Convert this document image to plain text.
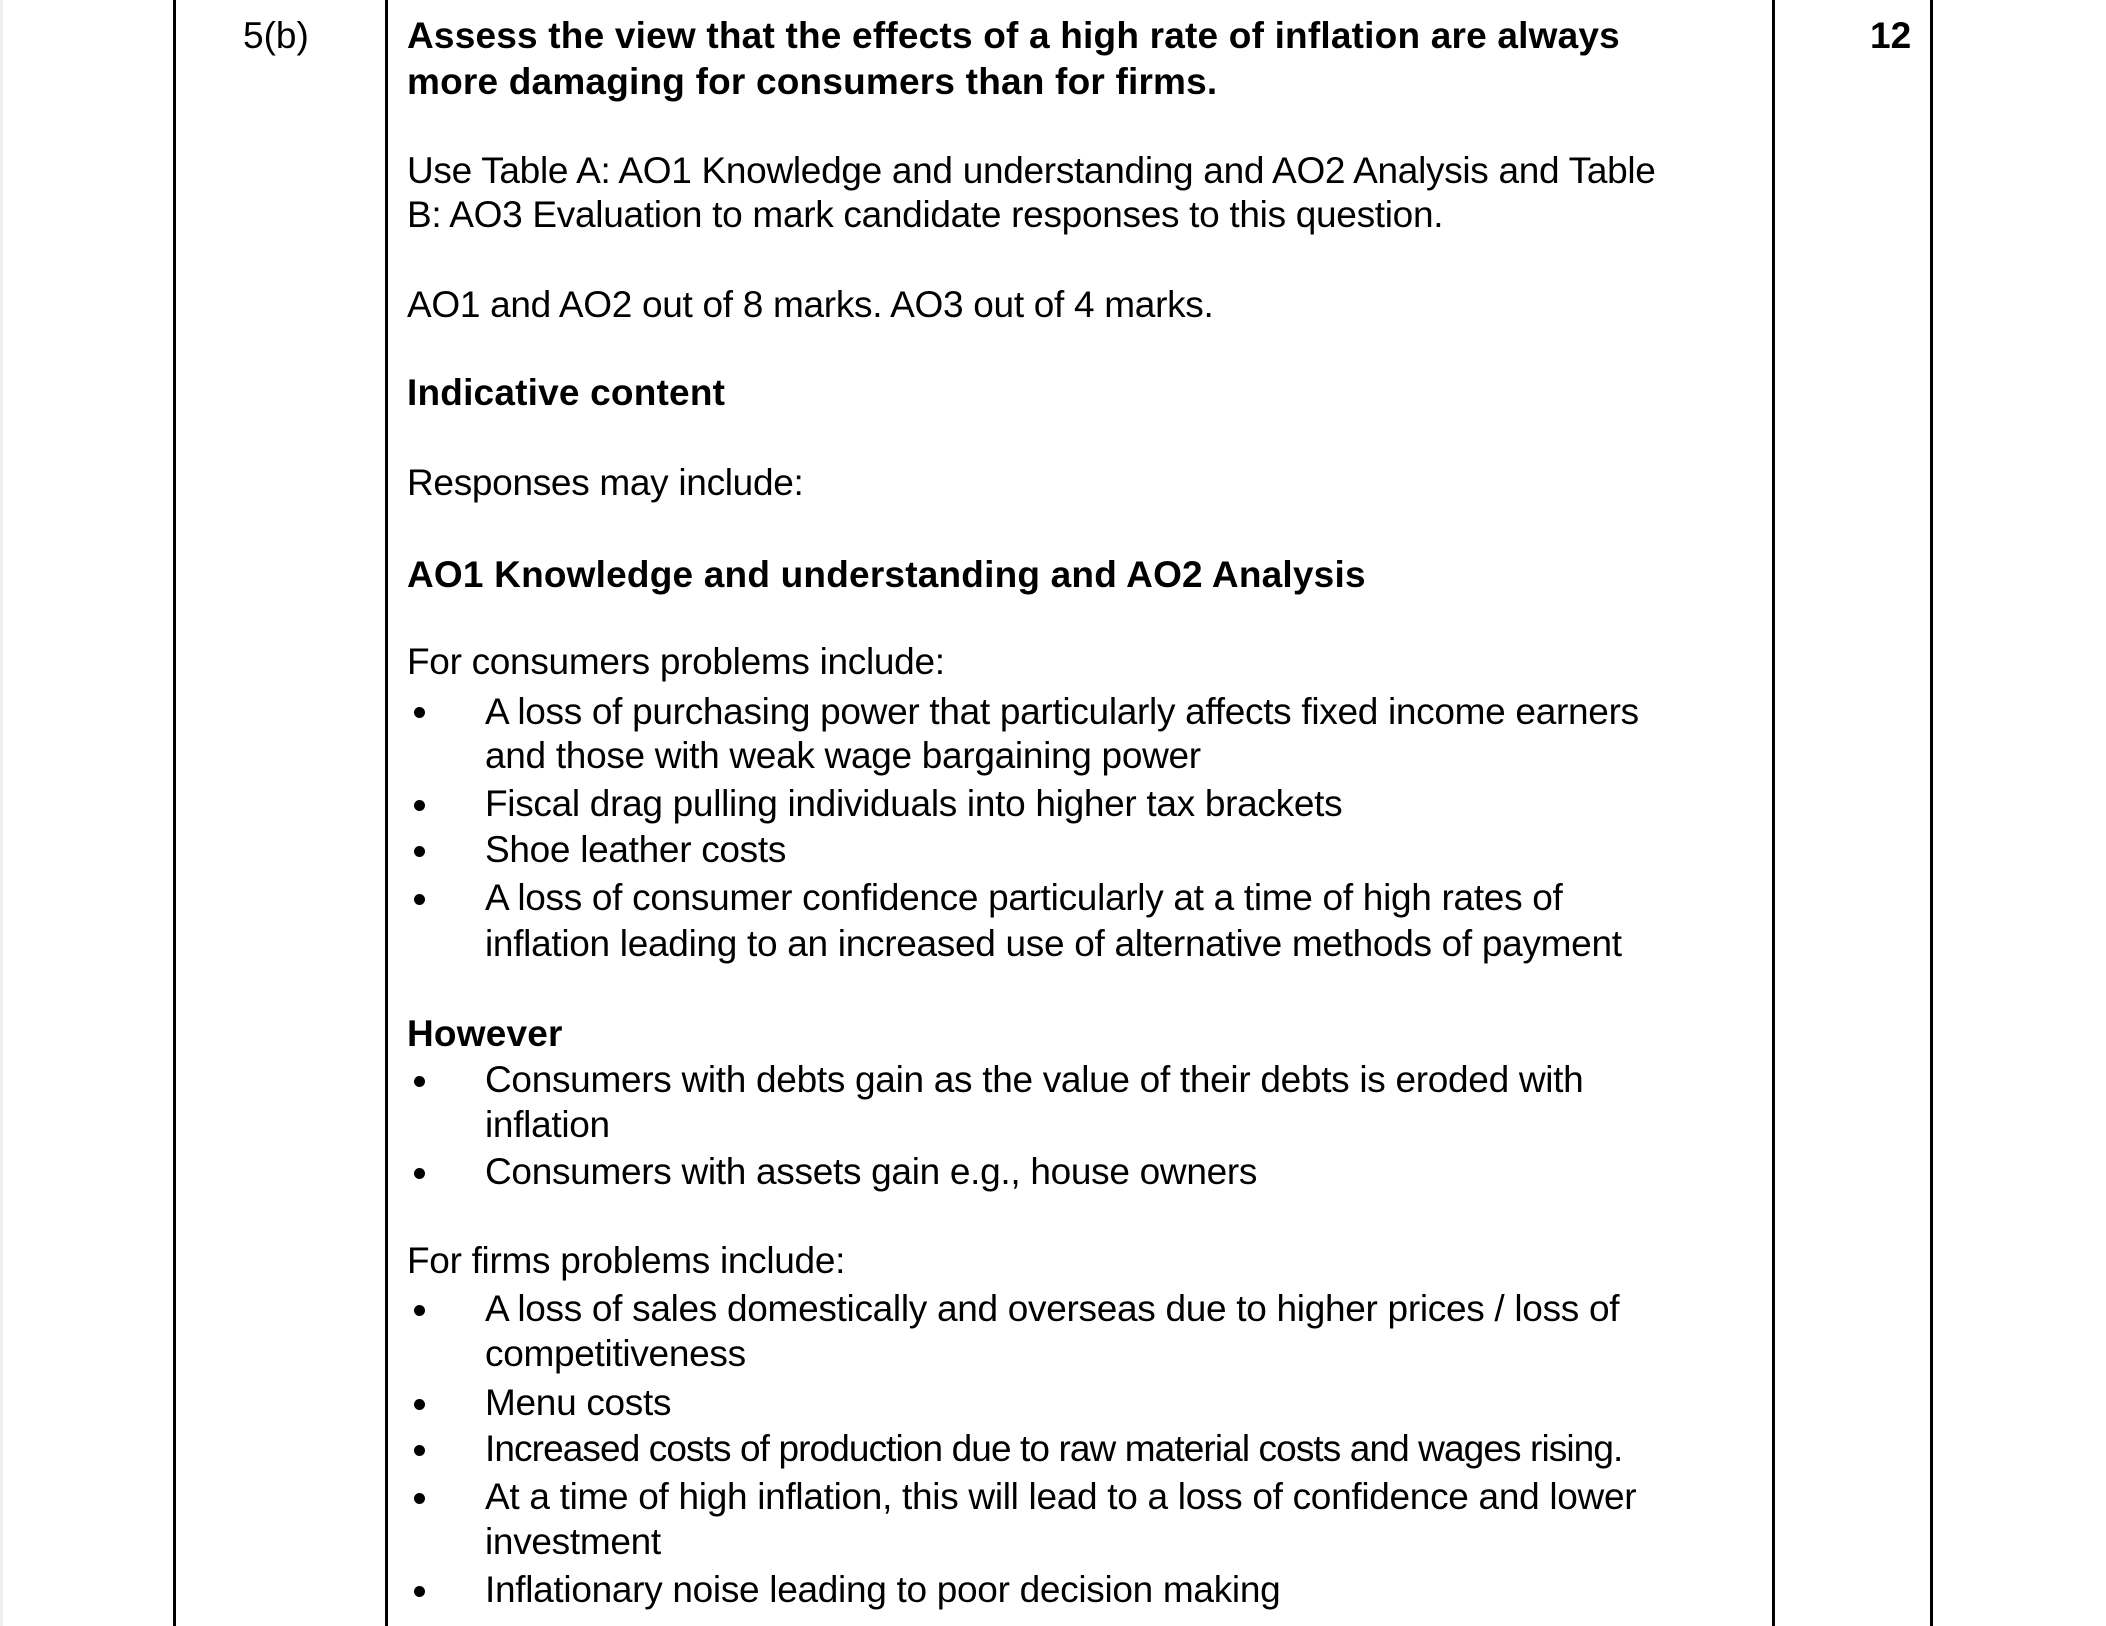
5(b)	12
Assess the view that the effects of a high rate of inflation are always
more damaging for consumers than for firms.
Use Table A: AO1 Knowledge and understanding and AO2 Analysis and Table
B: AO3 Evaluation to mark candidate responses to this question.
AO1 and AO2 out of 8 marks. AO3 out of 4 marks.
Indicative content
Responses may include:
AO1 Knowledge and understanding and AO2 Analysis
For consumers problems include:
A loss of purchasing power that particularly affects fixed income earners
and those with weak wage bargaining power
Fiscal drag pulling individuals into higher tax brackets
Shoe leather costs
A loss of consumer confidence particularly at a time of high rates of
inflation leading to an increased use of alternative methods of payment
However
Consumers with debts gain as the value of their debts is eroded with
inflation
Consumers with assets gain e.g., house owners
For firms problems include:
A loss of sales domestically and overseas due to higher prices / loss of
competitiveness
Menu costs
Increased costs of production due to raw material costs and wages rising.
At a time of high inflation, this will lead to a loss of confidence and lower
investment
Inflationary noise leading to poor decision making
